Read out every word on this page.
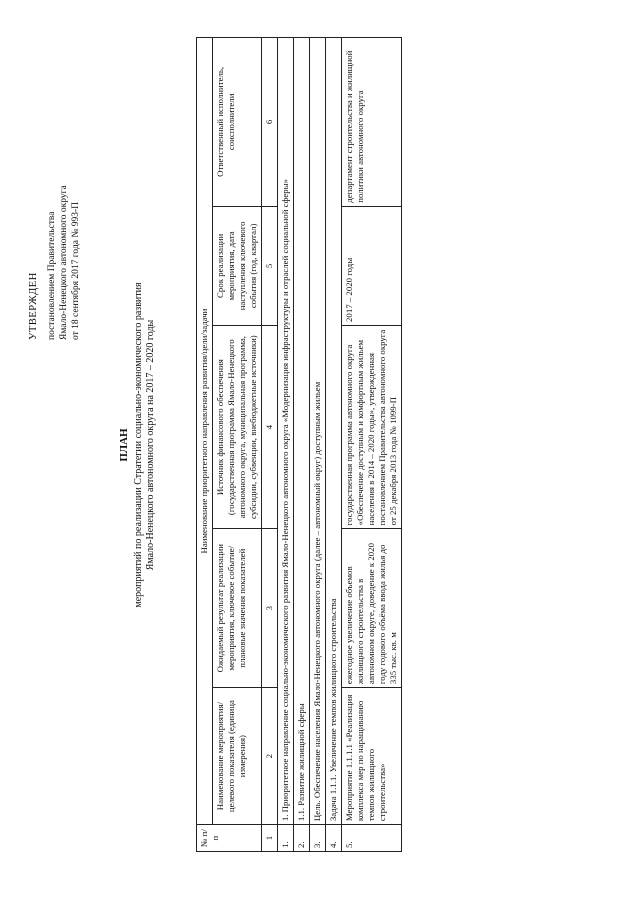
УТВЕРЖДЕН постановлением Правительства Ямало-Ненецкого автономного округа от 18 сентября 2017 года № 993-П
ПЛАН мероприятий по реализации Стратегии социально-экономического развития Ямало-Ненецкого автономного округа на 2017 – 2020 годы
№ п/п	Наименование приоритетного направления развития/цели/задачи				
	Наименование мероприятия/целевого показателя (единица измерения)	Ожидаемый результат реализации мероприятия, ключевое событие/плановые значения показателей	Источник финансового обеспечения (государственная программа Ямало-Ненецкого автономного округа, муниципальная программа, субсидии, субвенции, внебюджетные источники)	Срок реализации мероприятия, дата наступления ключевого события (год, квартал)	Ответственный исполнитель, соисполнители
1	2	3	4	5	6
1.	1. Приоритетное направление социально-экономического развития Ямало-Ненецкого автономного округа «Модернизация инфраструктуры и отраслей социальной сферы»				
2.	1.1. Развитие жилищной сферы				
3.	Цель. Обеспечение населения Ямало-Ненецкого автономного округа (далее – автономный округ) доступным жильем				
4.	Задача 1.1.1. Увеличение темпов жилищного строительства				
5.	Мероприятие 1.1.1.1 «Реализация комплекса мер по наращиванию темпов жилищного строительства»	ежегодное увеличение объемов жилищного строительства в автономном округе, доведение к 2020 году годового объёма ввода жилья до 335 тыс. кв. м	государственная программа автономного округа «Обеспечение доступным и комфортным жильем населения в 2014 – 2020 годы», утвержденная постановлением Правительства автономного округа от 25 декабря 2013 года № 1099-П	2017 – 2020 годы	департамент строительства и жилищной политики автономного округа
